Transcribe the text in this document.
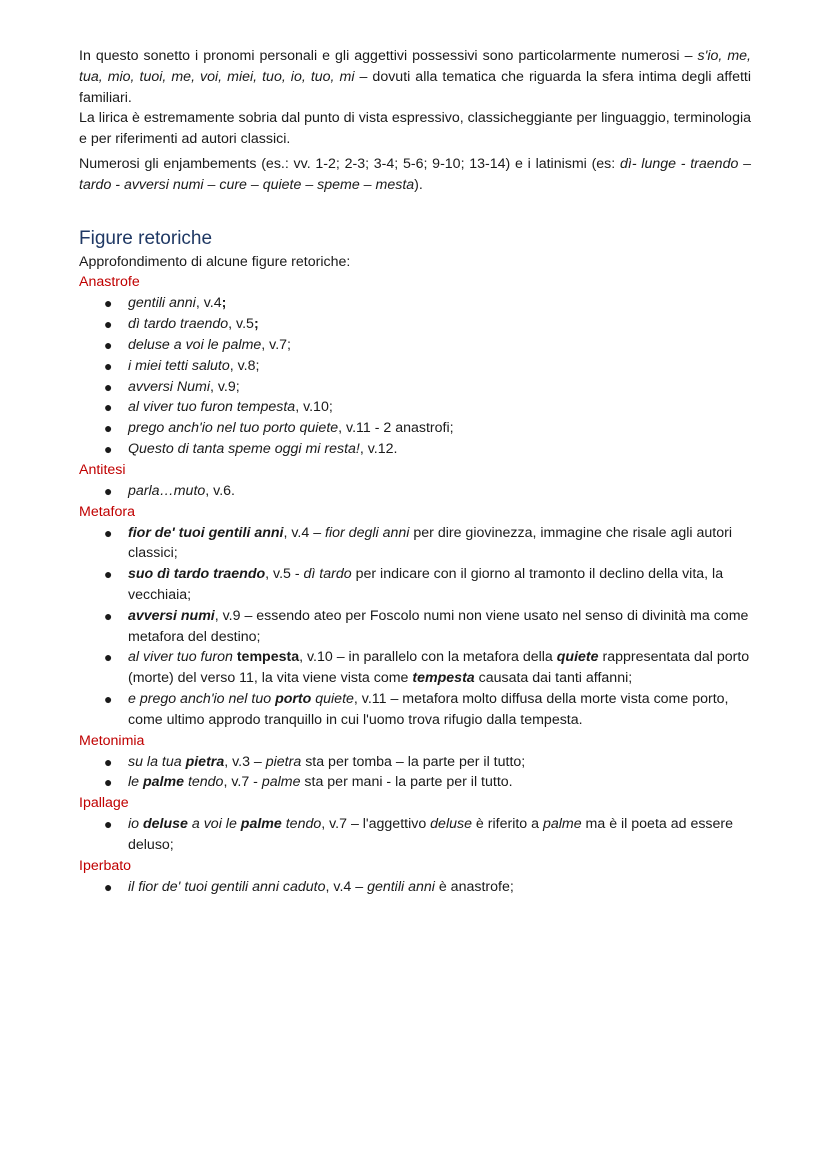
In questo sonetto i pronomi personali e gli aggettivi possessivi sono particolarmente numerosi – s'io, me, tua, mio, tuoi, me, voi, miei, tuo, io, tuo, mi – dovuti alla tematica che riguarda la sfera intima degli affetti familiari.

La lirica è estremamente sobria dal punto di vista espressivo, classicheggiante per linguaggio, terminologia e per riferimenti ad autori classici.

Numerosi gli enjambements (es.: vv. 1-2; 2-3; 3-4; 5-6; 9-10; 13-14) e i latinismi (es: dì- lunge - traendo – tardo - avversi numi – cure – quiete – speme – mesta).

Figure retoriche

Approfondimento di alcune figure retoriche:

Anastrofe

● gentili anni, v.4;
● dì tardo traendo, v.5;
● deluse a voi le palme, v.7;
● i miei tetti saluto, v.8;
● avversi Numi, v.9;
● al viver tuo furon tempesta, v.10;
● prego anch'io nel tuo porto quiete, v.11 - 2 anastrofi;
● Questo di tanta speme oggi mi resta!, v.12.

Antitesi

● parla…muto, v.6.

Metafora

● fior de' tuoi gentili anni, v.4 – fior degli anni per dire giovinezza, immagine che risale agli autori classici;
● suo dì tardo traendo, v.5 - dì tardo per indicare con il giorno al tramonto il declino della vita, la vecchiaia;
● avversi numi, v.9 – essendo ateo per Foscolo numi non viene usato nel senso di divinità ma come metafora del destino;
● al viver tuo furon tempesta, v.10 – in parallelo con la metafora della quiete rappresentata dal porto (morte) del verso 11, la vita viene vista come tempesta causata dai tanti affanni;
● e prego anch'io nel tuo porto quiete, v.11 – metafora molto diffusa della morte vista come porto, come ultimo approdo tranquillo in cui l'uomo trova rifugio dalla tempesta.

Metonimia

● su la tua pietra, v.3 – pietra sta per tomba – la parte per il tutto;
● le palme tendo, v.7 - palme sta per mani - la parte per il tutto.

Ipallage

● io deluse a voi le palme tendo, v.7 – l'aggettivo deluse è riferito a palme ma è il poeta ad essere deluso;

Iperbato

● il fior de' tuoi gentili anni caduto, v.4 – gentili anni è anastrofe;
